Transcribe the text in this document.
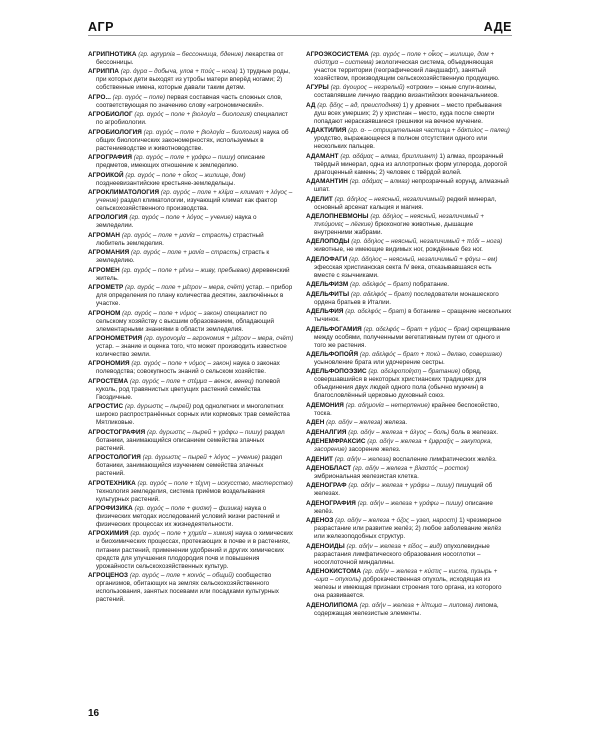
АГР	АДЕ

АГРИПНОТИКА (гр. agrypnia – бессонница, бдение) лекарства от бессонницы.

АГРИППА (гр. άγρα – добыча, улов + πούς – нога) 1) трудные роды, при которых дети выходят из утробы матери вперёд ногами; 2) собственные имена, которые давали таким детям.

АГРО... (гр. αγρός – поле) первая составная часть сложных слов, соответствующая по значению слову «агрономический».

АГРОБИОЛОГ (гр. αγρός – поле + βιολογία – биология) специалист по агробиологии.

АГРОБИОЛОГИЯ (гр. αγρός – поле + βιολογία – биология) наука об общих биологических закономерностях, используемых в растениеводстве и животноводстве.

АГРОГРАФИЯ (гр. αγρός – поле + γράφω – пишу) описание предметов, имеющих отношение к земледелию.

АГРОИКОЙ (гр. αγρός – поле + οἶκος – жилище, дом) позднеевизантийские крестьяне-земледельцы.

АГРОКЛИМАТОЛОГИЯ (гр. αγρός – поле + κλίμα – климат + λόγος – учение) раздел климатологии, изучающий климат как фактор сельскохозяйственного производства.

АГРОЛОГИЯ (гр. αγρός – поле + λόγος – учение) наука о земледелии.

АГРОМАН (гр. αγρός – поле + μανία – страсть) страстный любитель земледелия.

АГРОМАНИЯ (гр. αγρός – поле + μανία – страсть) страсть к земледелию.

АГРОМЕН (гр. αγρός – поле + μένω – живу, пребываю) деревенский житель.

АГРОМЕТР (гр. αγρός – поле + μέτρον – мера, счёт) устар. – прибор для определения по плану количества десятин, заключённых в участке.

АГРОНОМ (гр. αγρός – поле + νόμος – закон) специалист по сельскому хозяйству с высшим образованием, обладающий элементарными знаниями в области земледелия.

АГРОНОМЕТРИЯ (гр. αγρονομία – агрономия + μέτρον – мера, счёт) устар. – знание и оценка того, что может производить известное количество земли.

АГРОНОМИЯ (гр. αγρός – поле + νόμος – закон) наука о законах полеводства; совокупность знаний о сельском хозяйстве.

АГРОСТЕМА (гр. αγρός – поле + στέμμα – венок, венец) полевой куколь, род травянистых цветущих растений семейства Гвоздичные.

АГРОСТИС (гр. άγρωστις – пырей) род однолетних и многолетних широко распространённых сорных или кормовых трав семейства Мятликовые.

АГРОСТОГРАФИЯ (гр. άγρωστις – пырей + γράφω – пишу) раздел ботаники, занимающийся описанием семейства злачных растений.

АГРОСТОЛОГИЯ (гр. άγρωστις – пырей + λόγος – учение) раздел ботаники, занимающийся изучением семейства злачных растений.

АГРОТЕХНИКА (гр. αγρός – поле + τέχνη – искусство, мастерство) технология земледелия, система приёмов возделывания культурных растений.

АГРОФИЗИКА (гр. αγρός – поле + φυσική – физика) наука о физических методах исследований условий жизни растений и физических процессах их жизнедеятельности.

АГРОХИМИЯ (гр. αγρός – поле + χημεία – химия) наука о химических и биохимических процессах, протекающих в почве и в растениях, питании растений, применении удобрений и других химических средств для улучшения плодородия почв и повышения урожайности сельскохозяйственных культур.

АГРОЦЕНОЗ (гр. αγρός – поле + κοινός – общий) сообщество организмов, обитающих на землях сельскохозяйственного использования, занятых посевами или посадками культурных растений.

АГРОЭКОСИСТЕМА (гр. αγρός – поле + οἶκος – жилище, дом + σύστημα – система) экологическая система, объединяющая участок территории (географический ландшафт), занятый хозяйством, производящим сельскохозяйственную продукцию.

АГУРЫ (гр. άγουρος – незрелый) «отроки» – юные слуги-воины, составлявшие личную гвардию византийских военачальников.

АД (гр. ᾅδης – ад, преисподняя) 1) у древних – место пребывания душ всех умерших; 2) у христиан – место, куда после смерти попадают нераскаявшиеся грешники на вечное мучение.

АДАКТИЛИЯ (гр. α- – отрицательная частица + δάκτυλος – палец) уродство, выражающееся в полном отсутствии одного или нескольких пальцев.

АДАМАНТ (гр. αδάμας – алмаз, бриллиант) 1) алмаз, прозрачный твёрдый минерал, одна из аллотропных форм углерода, дорогой драгоценный камень; 2) человек с твёрдой волей.

АДАМАНТИН (гр. αδάμας – алмаз) непрозрачный корунд, алмазный шпат.

АДЕЛИТ (гр. άδηλος – неясный, незаличимый) редкий минерал, основный арсенат кальция и магния.

АДЕЛОПНЕВМОНЫ (гр. άδηλος – неясный, незаличимый + πνεύμονες – лёгкие) брюхоногие животные, дышащие внутренними жабрами.

АДЕЛОПОДЫ (гр. άδηλος – неясный, незаличимый + πόδι – нога) животные, не имеющие видимых ног, рождённые без ног.

АДЕЛОФАГИ (гр. άδηλος – неясный, незаличимый + φάγω – ем) эфесская христианская секта IV века, отказывавшаяся есть вместе с язычниками.

АДЕЛЬФИЗМ (гр. αδελφός – брат) побратание.

АДЕЛЬФИТЫ (гр. αδελφός – брат) последователи монашеского ордена братьев в Италии.

АДЕЛЬФИЯ (гр. αδελφός – брат) в ботанике – сращение нескольких тычинок.

АДЕЛЬФОГАМИЯ (гр. αδελφός – брат + γάμος – брак) скрещивание между особями, полученными вегетативным путем от одного и того же растения.

АДЕЛЬФОПОЙЯ (гр. αδελφός – брат + ποιώ – делаю, совершаю) усыновление брата или удочерение сестры.

АДЕЛЬФОПОЭЗИС (гр. αδελφοποίηση – братание) обряд, совершавшийся в некоторых христианских традициях для объединения двух людей одного пола (обычно мужчин) в благословлённый церковью духовный союз.

АДЕМОНИЯ (гр. αδημονία – нетерпение) крайнее беспокойство, тоска.

АДЕН (гр. αδήν – железа) железа.

АДЕНАЛГИЯ (гр. αδήν – железа + άλγος – боль) боль в железах.

АДЕНЕМФРАКСИС (гр. αδήν – железа + έμφραξις – закупорка, засорение) засорение желез.

АДЕНИТ (гр. αδήν – железа) воспаление лимфатических желёз.

АДЕНОБЛАСТ (гр. αδήν – железа + βλαστός – росток) эмбриональная железистая клетка.

АДЕНОГРАФ (гр. αδήν – железа + γράφω – пишу) пишущий об железах.

АДЕНОГРАФИЯ (гр. αδήν – железа + γράφω – пишу) описание желёз.

АДЕНОЗ (гр. αδήν – железа + όζος – узел, нарост) 1) чрезмерное разрастание или развитие желёз; 2) любое заболевание желёз или железоподобных структур.

АДЕНОИДЫ (гр. αδήν – железа + είδος – вид) опухолевидные разрастания лимфатического образования носоглотки – носоглоточной миндалины.

АДЕНОКИСТОМА (гр. αδήν – железа + κύστις – киста, пузырь + -ωμα – опухоль) доброкачественная опухоль, исходящая из железы и имеющая признаки строения того органа, из которого она развивается.

АДЕНОЛИПОМА (гр. αδήν – железа + λίπωμα – липома) липома, содержащая железистые элементы.

16
